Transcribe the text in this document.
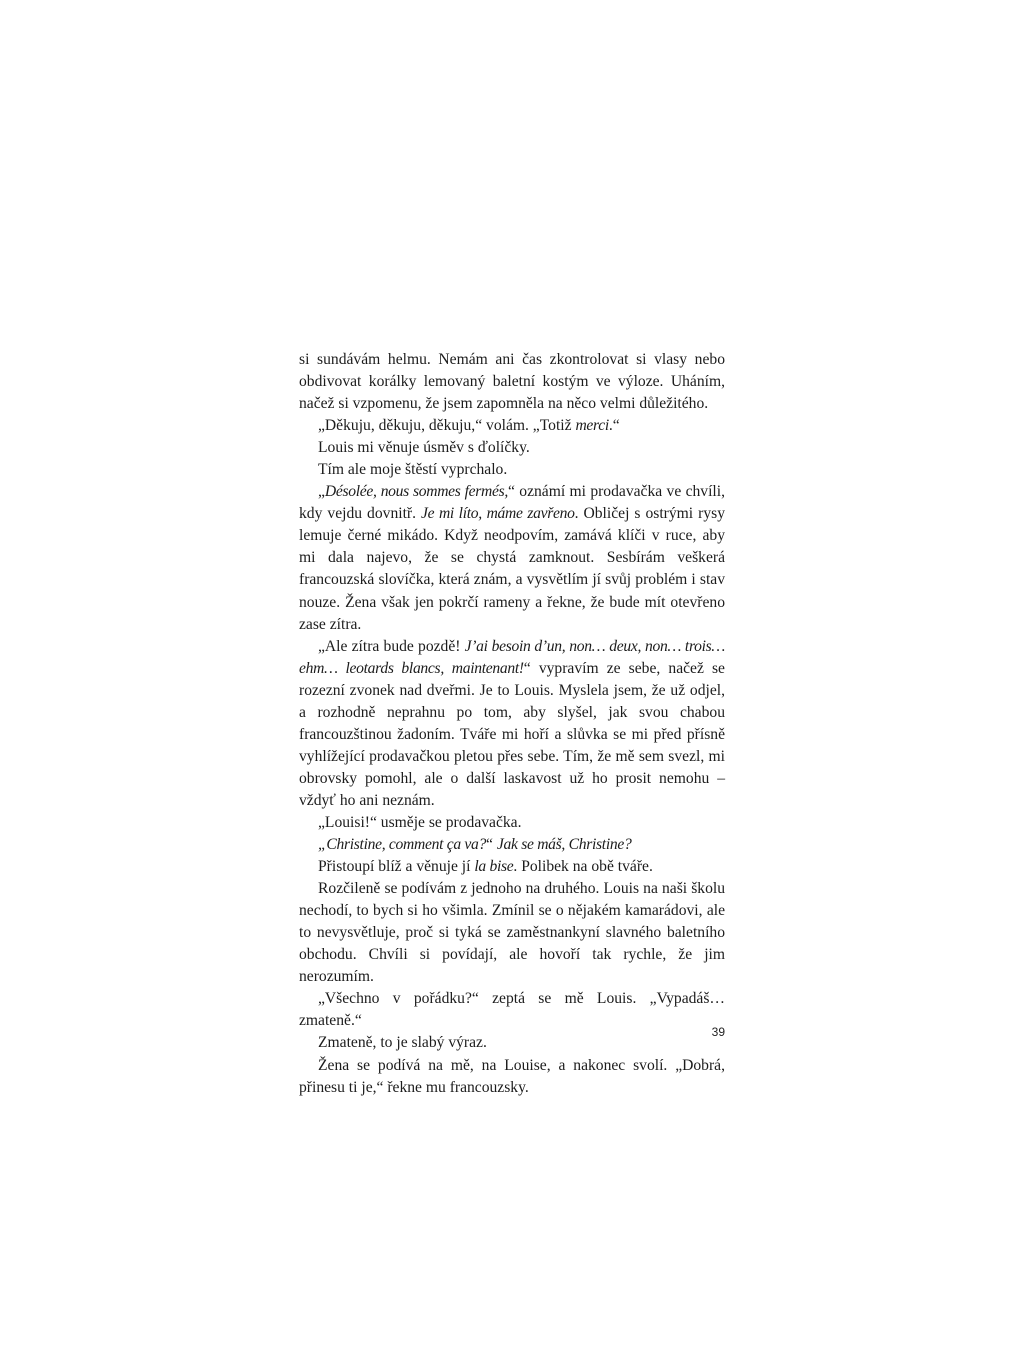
si sundávám helmu. Nemám ani čas zkontrolovat si vlasy nebo obdivovat korálky lemovaný baletní kostým ve výloze. Uháním, načež si vzpomenu, že jsem zapomněla na něco velmi důležitého.

„Děkuju, děkuju, děkuju,“ volám. „Totiž merci.“

Louis mi věnuje úsměv s ďolíčky.

Tím ale moje štěstí vyprchalo.

„Désolée, nous sommes fermés,“ oznámí mi prodavačka ve chvíli, kdy vejdu dovnitř. Je mi líto, máme zavřeno. Obličej s ostrými rysy lemuje černé mikádo. Když neodpovím, zamává klíči v ruce, aby mi dala najevo, že se chystá zamknout. Sesbírám veškerá francouzská slovíčka, která znám, a vysvětlím jí svůj problém i stav nouze. Žena však jen pokrčí rameny a řekne, že bude mít otevřeno zase zítra.

„Ale zítra bude pozdě! J’ai besoin d’un, non… deux, non… trois… ehm… leotards blancs, maintenant!“ vypravím ze sebe, načež se rozezní zvonek nad dveřmi. Je to Louis. Myslela jsem, že už odjel, a rozhodně neprahnu po tom, aby slyšel, jak svou chabou francouzštinou žadoním. Tváře mi hoří a slůvka se mi před přísně vyhlížející prodavačkou pletou přes sebe. Tím, že mě sem svezl, mi obrovsky pomohl, ale o další laskavost už ho prosit nemohu – vždyť ho ani neznám.

„Louisi!“ usměje se prodavačka.

„Christine, comment ça va?“ Jak se máš, Christine?

Přistoupí blíž a věnuje jí la bise. Polibek na obě tváře.

Rozčileně se podívám z jednoho na druhého. Louis na naši školu nechodí, to bych si ho všimla. Zmínil se o nějakém kamarádovi, ale to nevysvětluje, proč si tyká se zaměstnankyní slavného baletního obchodu. Chvíli si povídají, ale hovoří tak rychle, že jim nerozumím.

„Všechno v pořádku?“ zeptá se mě Louis. „Vypadáš… zmateně.“

Zmateně, to je slabý výraz.

Žena se podívá na mě, na Louise, a nakonec svolí. „Dobrá, přinesu ti je,“ řekne mu francouzsky.

39
